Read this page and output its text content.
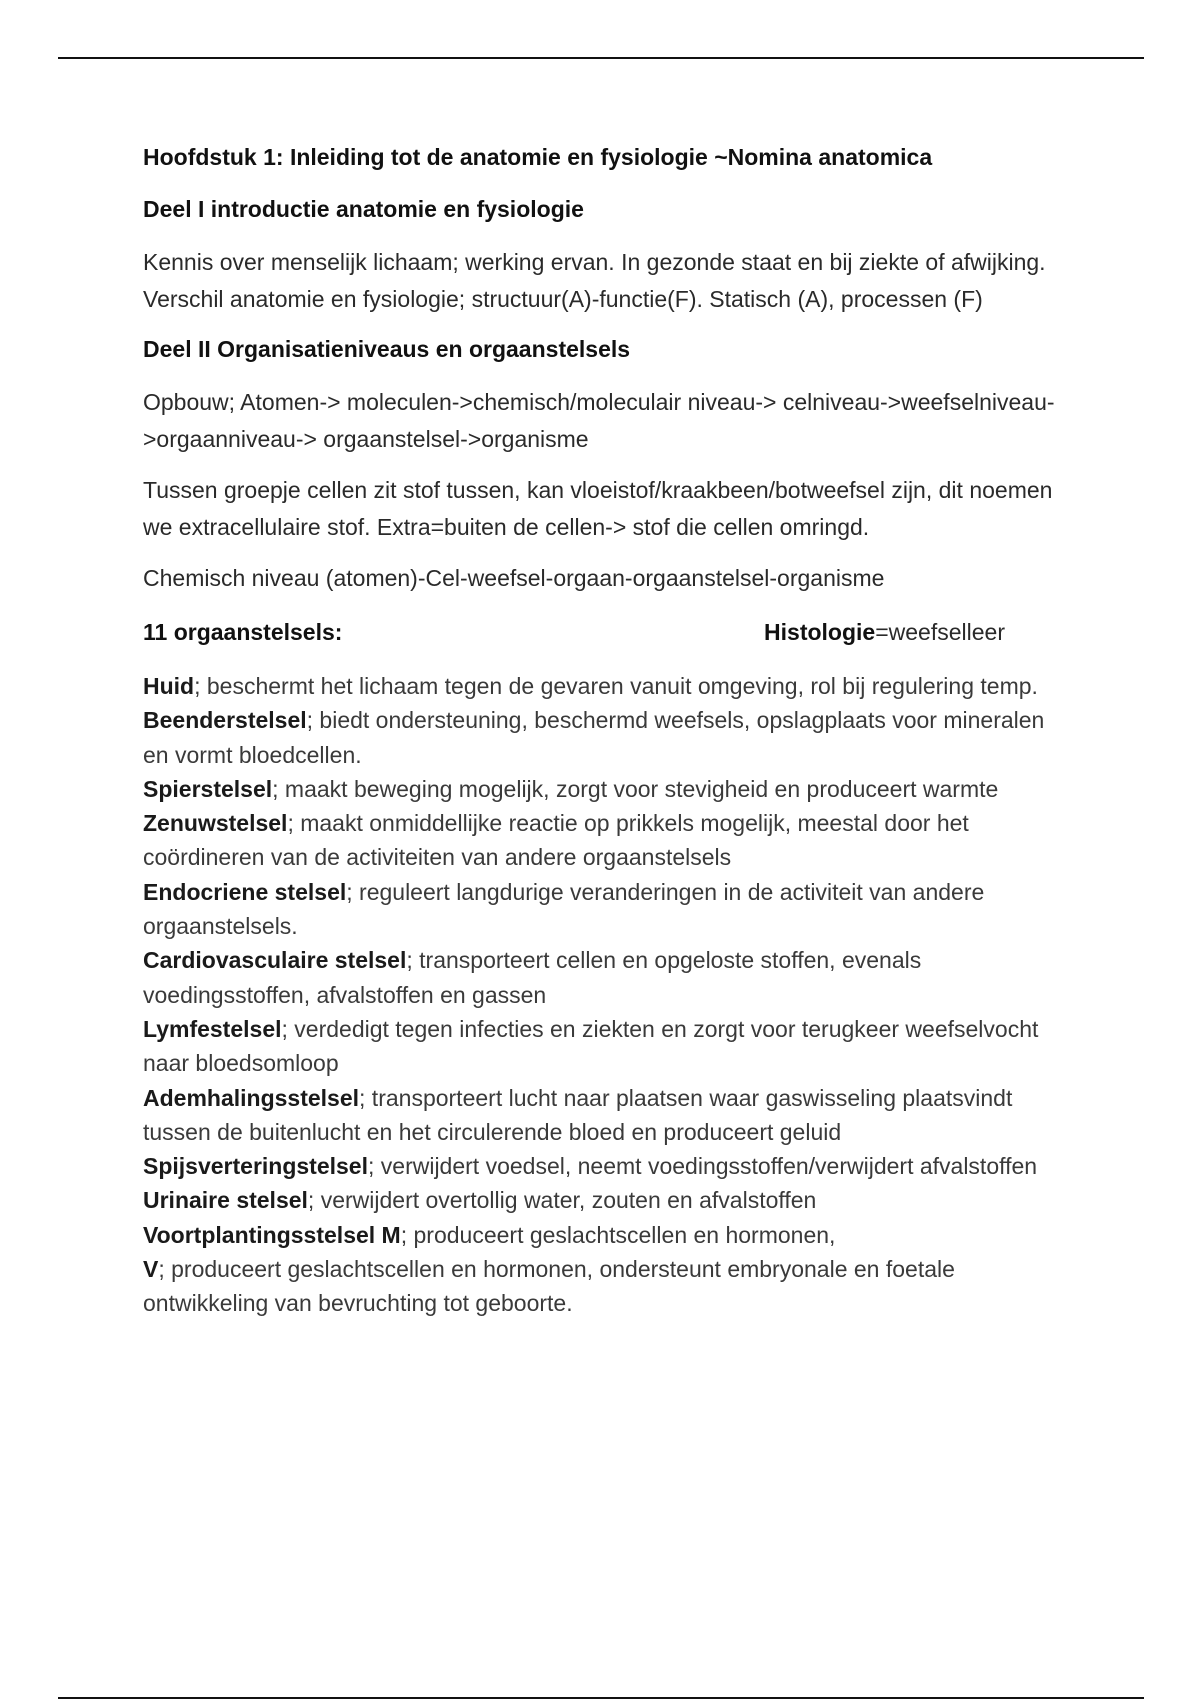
Hoofdstuk 1: Inleiding tot de anatomie en fysiologie ~Nomina anatomica
Deel I introductie anatomie en fysiologie

Kennis over menselijk lichaam; werking ervan. In gezonde staat en bij ziekte of afwijking. Verschil anatomie en fysiologie; structuur(A)-functie(F). Statisch (A), processen (F)

Deel II Organisatieniveaus en orgaanstelsels

Opbouw; Atomen-> moleculen->chemisch/moleculair niveau-> celniveau->weefselniveau->orgaanniveau-> orgaanstelsel->organisme

Tussen groepje cellen zit stof tussen, kan vloeistof/kraakbeen/botweefsel zijn, dit noemen we extracellulaire stof. Extra=buiten de cellen-> stof die cellen omringd.

Chemisch niveau (atomen)-Cel-weefsel-orgaan-orgaanstelsel-organisme

11 orgaanstelsels:	Histologie=weefselleer

Huid; beschermt het lichaam tegen de gevaren vanuit omgeving, rol bij regulering temp.

Beenderstelsel; biedt ondersteuning, beschermd weefsels, opslagplaats voor mineralen en vormt bloedcellen.

Spierstelsel; maakt beweging mogelijk, zorgt voor stevigheid en produceert warmte

Zenuwstelsel; maakt onmiddellijke reactie op prikkels mogelijk, meestal door het coördineren van de activiteiten van andere orgaanstelsels

Endocriene stelsel; reguleert langdurige veranderingen in de activiteit van andere orgaanstelsels.

Cardiovasculaire stelsel; transporteert cellen en opgeloste stoffen, evenals voedingsstoffen, afvalstoffen en gassen

Lymfestelsel; verdedigt tegen infecties en ziekten en zorgt voor terugkeer weefselvocht naar bloedsomloop

Ademhalingsstelsel; transporteert lucht naar plaatsen waar gaswisseling plaatsvindt tussen de buitenlucht en het circulerende bloed en produceert geluid

Spijsverteringstelsel; verwijdert voedsel, neemt voedingsstoffen/verwijdert afvalstoffen

Urinaire stelsel; verwijdert overtollig water, zouten en afvalstoffen

Voortplantingsstelsel M; produceert geslachtscellen en hormonen,

V; produceert geslachtscellen en hormonen, ondersteunt embryonale en foetale ontwikkeling van bevruchting tot geboorte.
